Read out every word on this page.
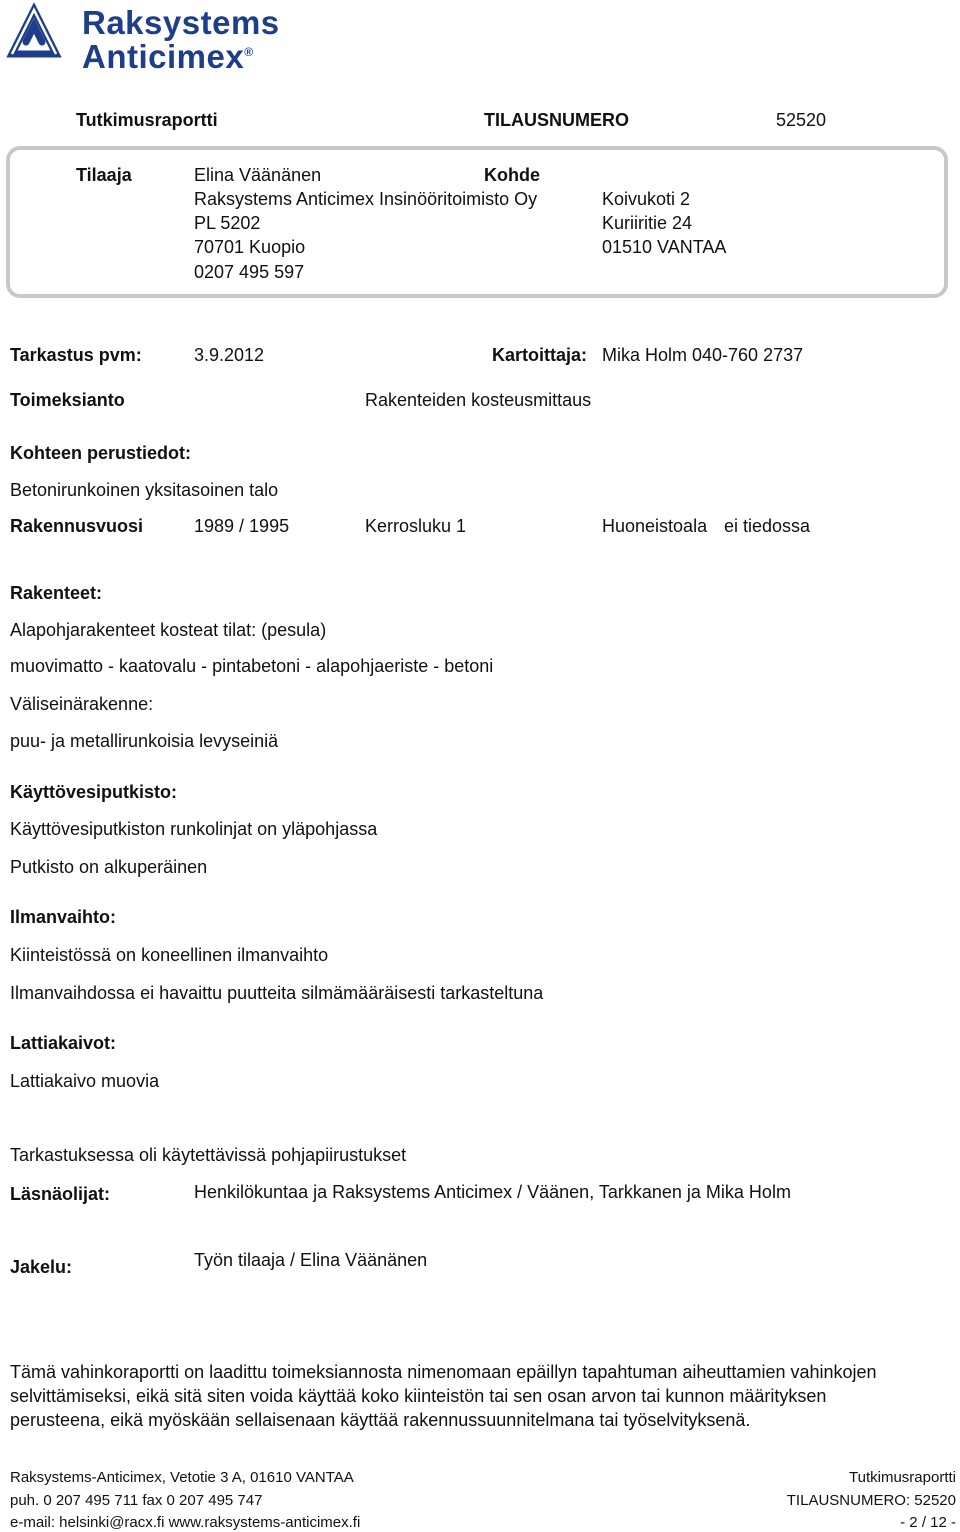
Raksystems
Anticimex®
Tutkimusraportti	TILAUSNUMERO	52520
Tilaaja	Elina Väänänen
Raksystems Anticimex Insinööritoimisto Oy
PL 5202
70701 Kuopio
0207 495 597
Kohde
Koivukoti 2
Kuriiritie 24
01510 VANTAA
Tarkastus pvm:	3.9.2012	Kartoittaja: Mika Holm 040-760 2737
Toimeksianto	Rakenteiden kosteusmittaus
Kohteen perustiedot:
Betonirunkoinen yksitasoinen talo
Rakennusvuosi	1989 / 1995	Kerrosluku 1	Huoneistoala ei tiedossa
Rakenteet:
Alapohjarakenteet kosteat tilat: (pesula)
muovimatto - kaatovalu - pintabetoni - alapohjaeriste - betoni
Väliseinärakenne:
puu- ja metallirunkoisia levyseiniä
Käyttövesiputkisto:
Käyttövesiputkiston runkolinjat on yläpohjassa
Putkisto on alkuperäinen
Ilmanvaihto:
Kiinteistössä on koneellinen ilmanvaihto
Ilmanvaihdossa ei havaittu puutteita silmämääräisesti tarkasteltuna
Lattiakaivot:
Lattiakaivo muovia
Tarkastuksessa oli käytettävissä pohjapiirustukset
Läsnäolijat:	Henkilökuntaa ja Raksystems Anticimex / Väänen, Tarkkanen ja Mika Holm
Jakelu:	Työn tilaaja / Elina Väänänen
Tämä vahinkoraportti on laadittu toimeksiannosta nimenomaan epäillyn tapahtuman aiheuttamien vahinkojen
selvittämiseksi, eikä sitä siten voida käyttää koko kiinteistön tai sen osan arvon tai kunnon määrityksen
perusteena, eikä myöskään sellaisenaan käyttää rakennussuunnitelmana tai työselvityksenä.
Raksystems-Anticimex, Vetotie 3 A, 01610 VANTAA
puh. 0 207 495 711 fax 0 207 495 747
e-mail: helsinki@racx.fi www.raksystems-anticimex.fi
Tutkimusraportti
TILAUSNUMERO: 52520
- 2 / 12 -
